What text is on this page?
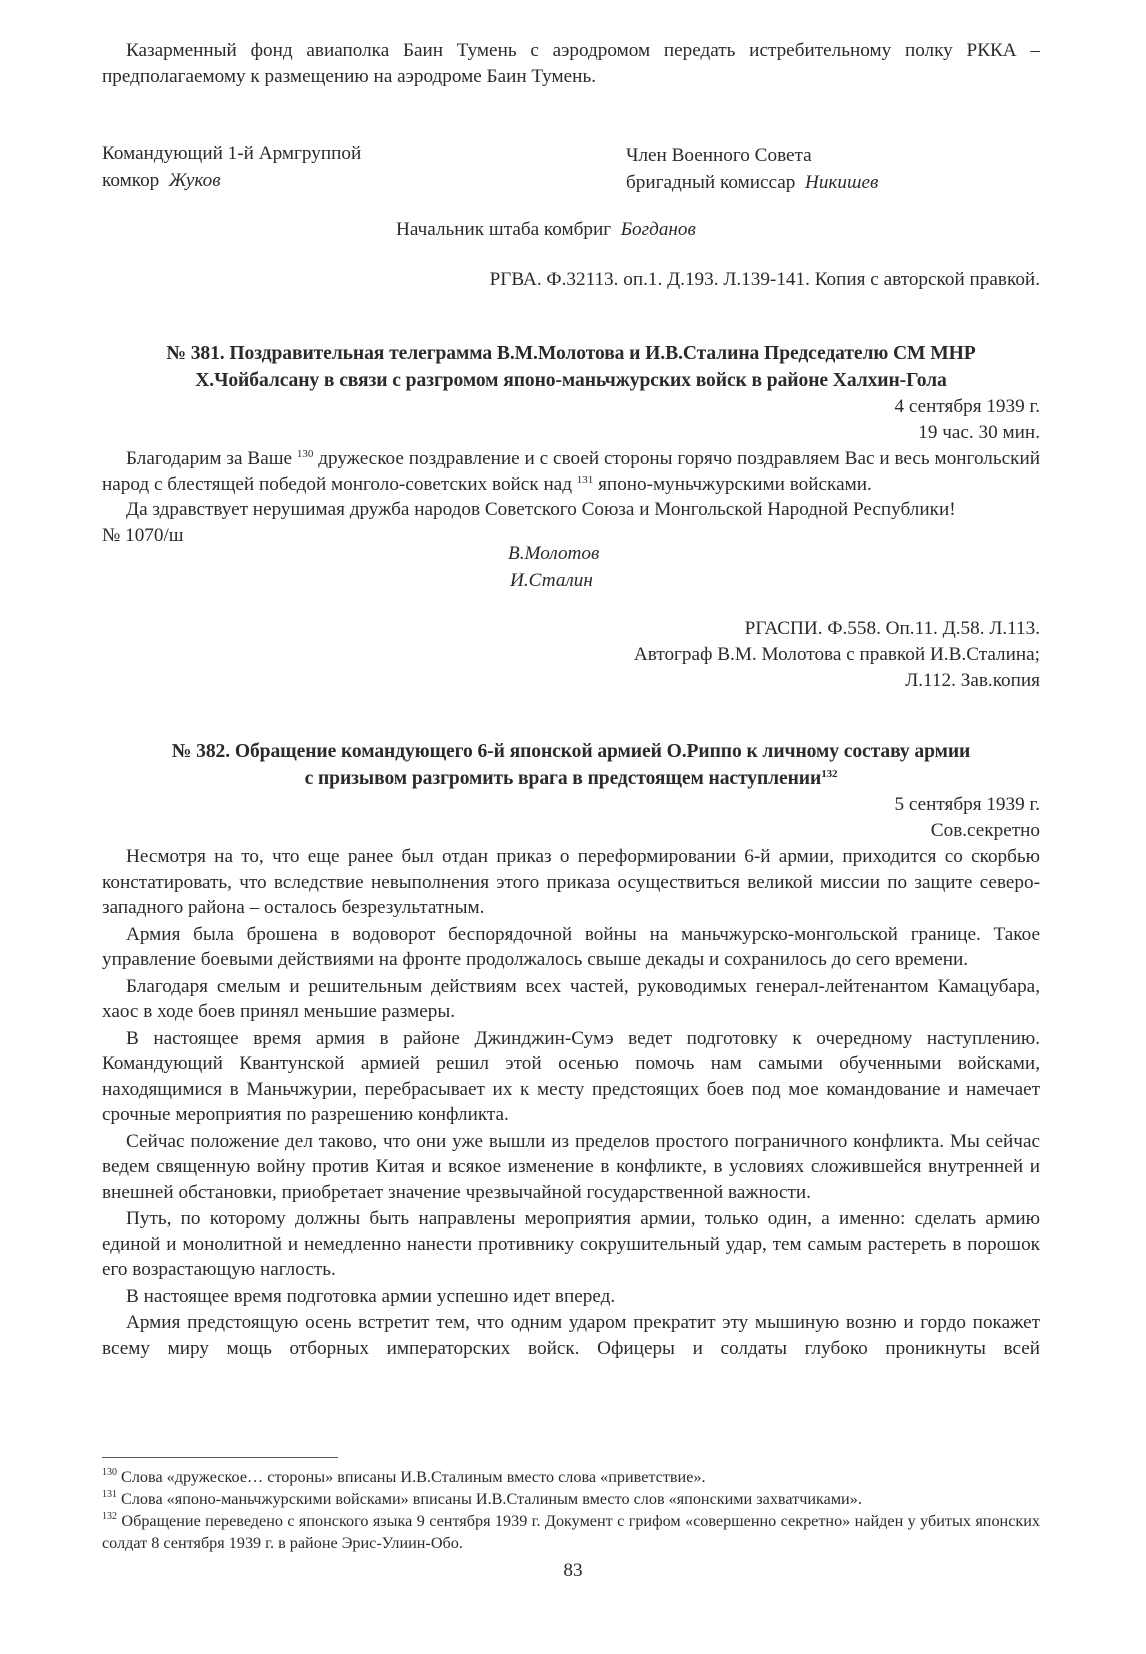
Казарменный фонд авиаполка Баин Тумень с аэродромом передать истребительному полку РККА – предполагаемому к размещению на аэродроме Баин Тумень.

Командующий 1-й Армгруппой
комкор Жуков
Член Военного Совета
бригадный комиссар Никишев
Начальник штаба комбриг Богданов
РГВА. Ф.32113. оп.1. Д.193. Л.139-141. Копия с авторской правкой.
№ 381. Поздравительная телеграмма В.М.Молотова и И.В.Сталина Председателю СМ МНР
Х.Чойбалсану в связи с разгромом японо-маньчжурских войск в районе Халхин-Гола
4 сентября 1939 г.
19 час. 30 мин.

Благодарим за Ваше $^{130}$ дружеское поздравление и с своей стороны горячо поздравляем Вас и весь монгольский народ с блестящей победой монголо-советских войск над $^{131}$ японо-муньчжурскими войсками.

Да здравствует нерушимая дружба народов Советского Союза и Монгольской Народной Республики!

№ 1070/ш

В.Молотов
И.Сталин
РГАСПИ. Ф.558. Оп.11. Д.58. Л.113.
Автограф В.М. Молотова с правкой И.В.Сталина;
Л.112. Зав.копия
№ 382. Обращение командующего 6-й японской армией О.Риппо к личному составу армии
с призывом разгромить врага в предстоящем наступлении$^{132}$
5 сентября 1939 г.
Сов.секретно

Несмотря на то, что еще ранее был отдан приказ о переформировании 6-й армии, приходится со скорбью констатировать, что вследствие невыполнения этого приказа осуществиться великой миссии по защите северо-западного района – осталось безрезультатным.

Армия была брошена в водоворот беспорядочной войны на маньчжурско-монгольской границе. Такое управление боевыми действиями на фронте продолжалось свыше декады и сохранилось до сего времени.

Благодаря смелым и решительным действиям всех частей, руководимых генерал-лейтенантом Камацубара, хаос в ходе боев принял меньшие размеры.

В настоящее время армия в районе Джинджин-Сумэ ведет подготовку к очередному наступлению. Командующий Квантунской армией решил этой осенью помочь нам самыми обученными войсками, находящимися в Маньчжурии, перебрасывает их к месту предстоящих боев под мое командование и намечает срочные мероприятия по разрешению конфликта.

Сейчас положение дел таково, что они уже вышли из пределов простого пограничного конфликта. Мы сейчас ведем священную войну против Китая и всякое изменение в конфликте, в условиях сложившейся внутренней и внешней обстановки, приобретает значение чрезвычайной государственной важности.

Путь, по которому должны быть направлены мероприятия армии, только один, а именно: сделать армию единой и монолитной и немедленно нанести противнику сокрушительный удар, тем самым растереть в порошок его возрастающую наглость.

В настоящее время подготовка армии успешно идет вперед.

Армия предстоящую осень встретит тем, что одним ударом прекратит эту мышиную возню и гордо покажет всему миру мощь отборных императорских войск. Офицеры и солдаты глубоко проникнуты всей

$^{130}$ Слова «дружеское… стороны» вписаны И.В.Сталиным вместо слова «приветствие».

$^{131}$ Слова «японо-маньчжурскими войсками» вписаны И.В.Сталиным вместо слов «японскими захватчиками».

$^{132}$ Обращение переведено с японского языка 9 сентября 1939 г. Документ с грифом «совершенно секретно» найден у убитых японских солдат 8 сентября 1939 г. в районе Эрис-Улиин-Обо.

83
